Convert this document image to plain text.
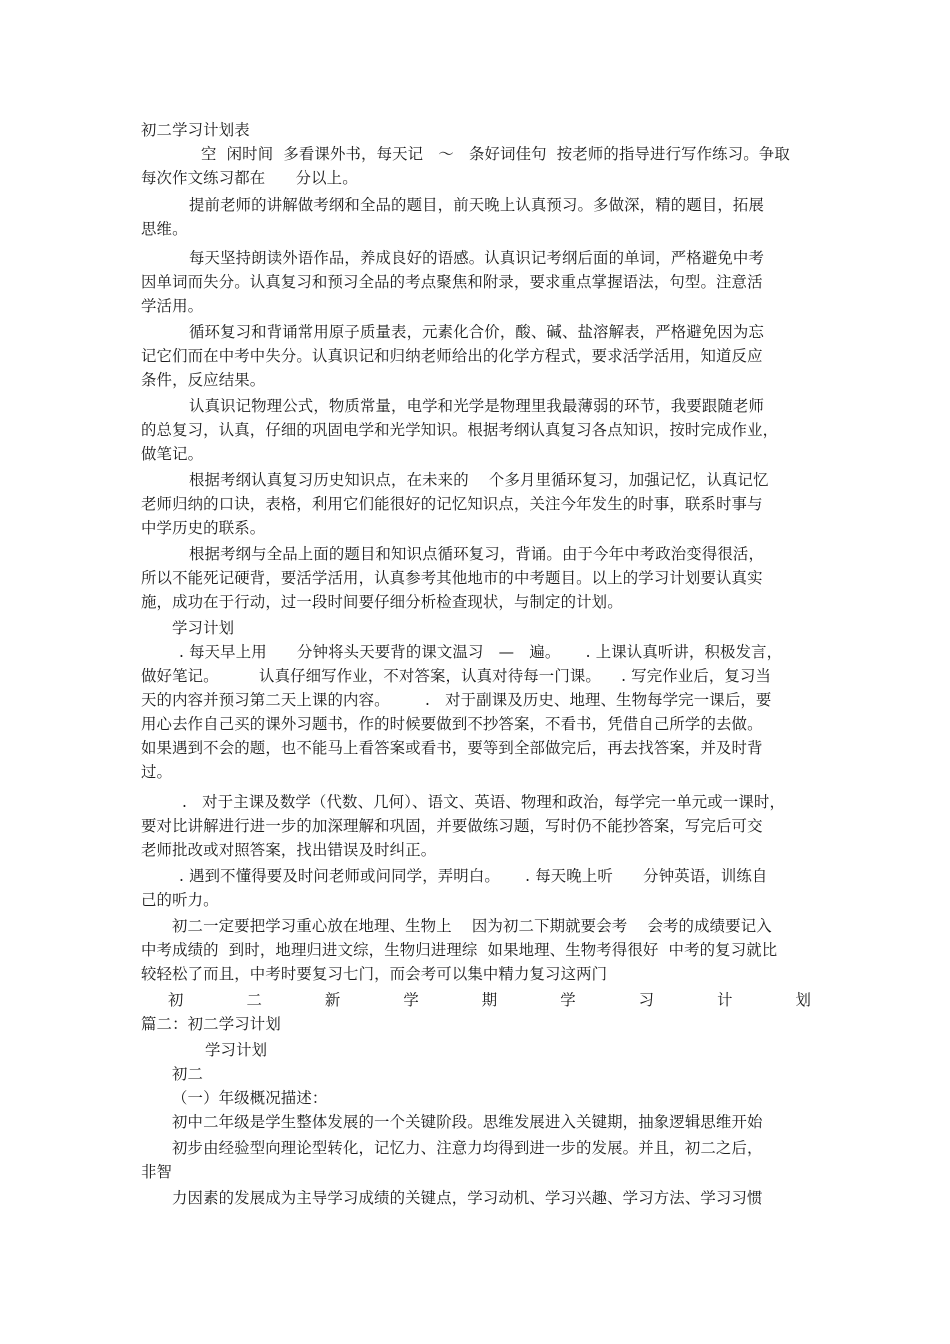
初二学习计划表
空  闲时间  多看课外书，每天记   ～   条好词佳句  按老师的指导进行写作练习。争取
每次作文练习都在      分以上。
提前老师的讲解做考纲和全品的题目，前天晚上认真预习。多做深，精的题目，拓展
思维。
每天坚持朗读外语作品，养成良好的语感。认真识记考纲后面的单词，严格避免中考
因单词而失分。认真复习和预习全品的考点聚焦和附录，要求重点掌握语法，句型。注意活
学活用。
循环复习和背诵常用原子质量表，元素化合价，酸、碱、盐溶解表，严格避免因为忘
记它们而在中考中失分。认真识记和归纳老师给出的化学方程式，要求活学活用，知道反应
条件，反应结果。
认真识记物理公式，物质常量，电学和光学是物理里我最薄弱的环节，我要跟随老师
的总复习，认真，仔细的巩固电学和光学知识。根据考纲认真复习各点知识，按时完成作业，
做笔记。
根据考纲认真复习历史知识点，在未来的    个多月里循环复习，加强记忆，认真记忆
老师归纳的口诀，表格，利用它们能很好的记忆知识点，关注今年发生的时事，联系时事与
中学历史的联系。
根据考纲与全品上面的题目和知识点循环复习，背诵。由于今年中考政治变得很活，
所以不能死记硬背，要活学活用，认真参考其他地市的中考题目。以上的学习计划要认真实
施，成功在于行动，过一段时间要仔细分析检查现状，与制定的计划。
学习计划
. 每天早上用      分钟将头天要背的课文温习   —   遍。     . 上课认真听讲，积极发言，
做好笔记。        认真仔细写作业，不对答案，认真对待每一门课。    . 写完作业后，复习当
天的内容并预习第二天上课的内容。       .   对于副课及历史、地理、生物每学完一课后，要
用心去作自己买的课外习题书，作的时候要做到不抄答案，不看书，凭借自己所学的去做。
如果遇到不会的题，也不能马上看答案或看书，要等到全部做完后，再去找答案，并及时背
过。
.   对于主课及数学（代数、几何）、语文、英语、物理和政治，每学完一单元或一课时，
要对比讲解进行进一步的加深理解和巩固，并要做练习题，写时仍不能抄答案，写完后可交
老师批改或对照答案，找出错误及时纠正。
. 遇到不懂得要及时问老师或问同学，弄明白。     . 每天晚上听      分钟英语，训练自
己的听力。
初二一定要把学习重心放在地理、生物上    因为初二下期就要会考    会考的成绩要记入
中考成绩的  到时，地理归进文综，生物归进理综  如果地理、生物考得很好  中考的复习就比
较轻松了而且，中考时要复习七门，而会考可以集中精力复习这两门
初	二	新	学	期	学	习	计	划
篇二：初二学习计划
学习计划
初二
（一）年级概况描述：
初中二年级是学生整体发展的一个关键阶段。思维发展进入关键期，抽象逻辑思维开始
初步由经验型向理论型转化，记忆力、注意力均得到进一步的发展。并且，初二之后，
非智
力因素的发展成为主导学习成绩的关键点，学习动机、学习兴趣、学习方法、学习习惯
